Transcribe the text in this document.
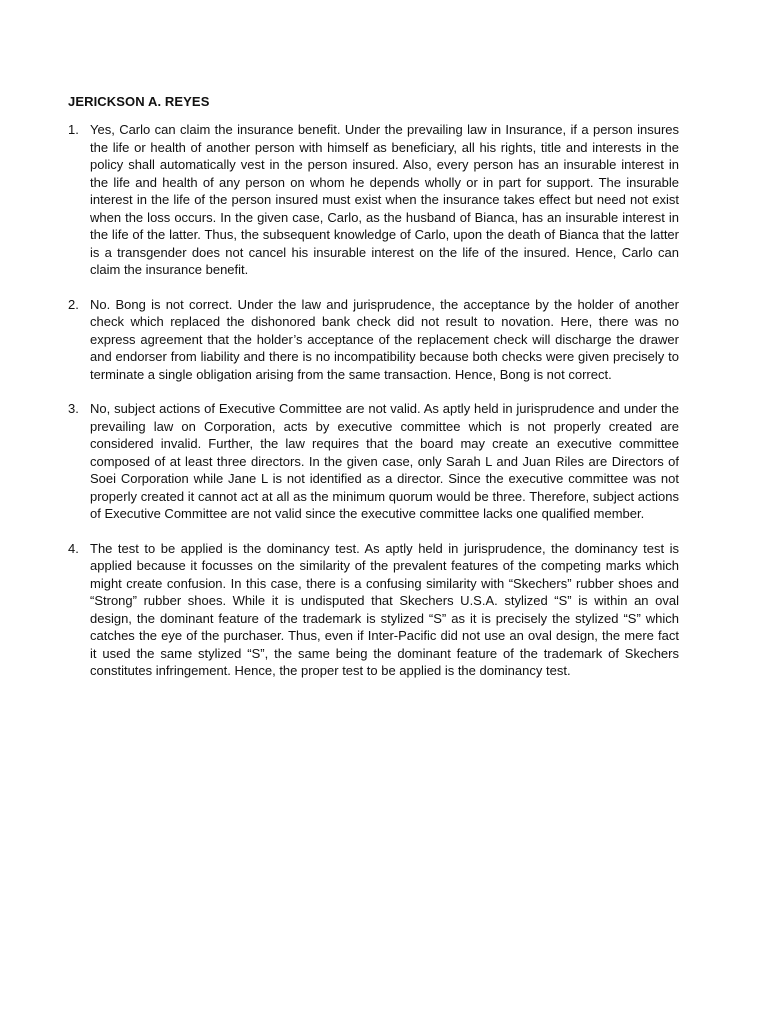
JERICKSON A. REYES

1. Yes, Carlo can claim the insurance benefit. Under the prevailing law in Insurance, if a person insures the life or health of another person with himself as beneficiary, all his rights, title and interests in the policy shall automatically vest in the person insured. Also, every person has an insurable interest in the life and health of any person on whom he depends wholly or in part for support. The insurable interest in the life of the person insured must exist when the insurance takes effect but need not exist when the loss occurs. In the given case, Carlo, as the husband of Bianca, has an insurable interest in the life of the latter. Thus, the subsequent knowledge of Carlo, upon the death of Bianca that the latter is a transgender does not cancel his insurable interest on the life of the insured. Hence, Carlo can claim the insurance benefit.
2. No. Bong is not correct. Under the law and jurisprudence, the acceptance by the holder of another check which replaced the dishonored bank check did not result to novation. Here, there was no express agreement that the holder’s acceptance of the replacement check will discharge the drawer and endorser from liability and there is no incompatibility because both checks were given precisely to terminate a single obligation arising from the same transaction. Hence, Bong is not correct.
3. No, subject actions of Executive Committee are not valid. As aptly held in jurisprudence and under the prevailing law on Corporation, acts by executive committee which is not properly created are considered invalid. Further, the law requires that the board may create an executive committee composed of at least three directors. In the given case, only Sarah L and Juan Riles are Directors of Soei Corporation while Jane L is not identified as a director. Since the executive committee was not properly created it cannot act at all as the minimum quorum would be three. Therefore, subject actions of Executive Committee are not valid since the executive committee lacks one qualified member.
4. The test to be applied is the dominancy test. As aptly held in jurisprudence, the dominancy test is applied because it focusses on the similarity of the prevalent features of the competing marks which might create confusion. In this case, there is a confusing similarity with “Skechers” rubber shoes and “Strong” rubber shoes. While it is undisputed that Skechers U.S.A. stylized “S” is within an oval design, the dominant feature of the trademark is stylized “S” as it is precisely the stylized “S” which catches the eye of the purchaser. Thus, even if Inter-Pacific did not use an oval design, the mere fact it used the same stylized “S”, the same being the dominant feature of the trademark of Skechers constitutes infringement. Hence, the proper test to be applied is the dominancy test.
